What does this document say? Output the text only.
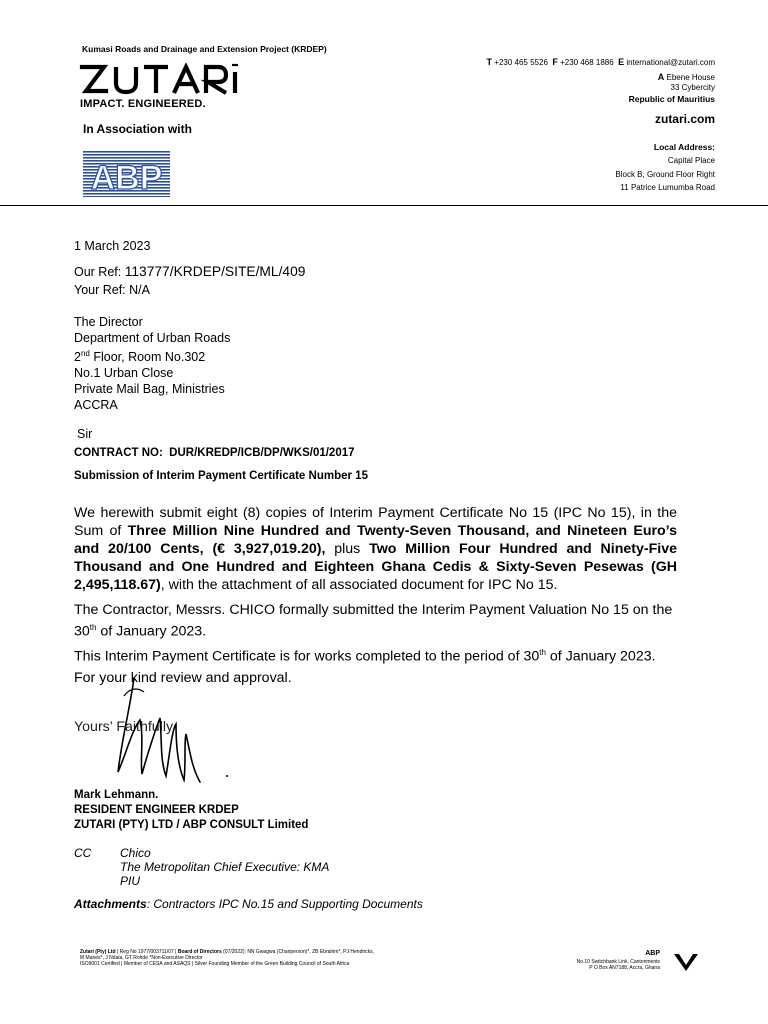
Kumasi Roads and Drainage and Extension Project (KRDEP)
IMPACT. ENGINEERED.
In Association with
ABP
T +230 465 5526 F +230 468 1886 E international@zutari.com
A Ebene House
33 Cybercity
Republic of Mauritius
zutari.com
Local Address:
Capital Place
Block B, Ground Floor Right
11 Patrice Lumumba Road
1 March 2023
Our Ref: 113777/KRDEP/SITE/ML/409
Your Ref: N/A
The Director
Department of Urban Roads
2nd Floor, Room No.302
No.1 Urban Close
Private Mail Bag, Ministries
ACCRA
Sir
CONTRACT NO:  DUR/KREDP/ICB/DP/WKS/01/2017
Submission of Interim Payment Certificate Number 15
We herewith submit eight (8) copies of Interim Payment Certificate No 15 (IPC No 15), in the Sum of Three Million Nine Hundred and Twenty-Seven Thousand, and Nineteen Euro’s and 20/100 Cents, (€ 3,927,019.20), plus Two Million Four Hundred and Ninety-Five Thousand and One Hundred and Eighteen Ghana Cedis & Sixty-Seven Pesewas (GH 2,495,118.67), with the attachment of all associated document for IPC No 15.
The Contractor, Messrs. CHICO formally submitted the Interim Payment Valuation No 15 on the 30th of January 2023.
This Interim Payment Certificate is for works completed to the period of 30th of January 2023.
For your kind review and approval.
Yours’ Faithfully
Mark Lehmann.
RESIDENT ENGINEER KRDEP
ZUTARI (PTY) LTD / ABP CONSULT Limited
CC Chico
The Metropolitan Chief Executive: KMA
PIU
Attachments: Contractors IPC No.15 and Supporting Documents
Zutari (Pty) Ltd | Reg No 1977/003711/07 | Board of Directors (07/2022): NN Gwagwa (Chairperson)*, ZB Ebrahim*, PJ Hendricks,
M Manes*, J Ndala, GT Rohde *Non-Executive Director
ISO9001 Certified | Member of CESA and ASAQS | Silver Founding Member of the Green Building Council of South Africa
ABP
No.10 Switchbank Link, Cantonments
P O Box AN7188, Accra, Ghana
